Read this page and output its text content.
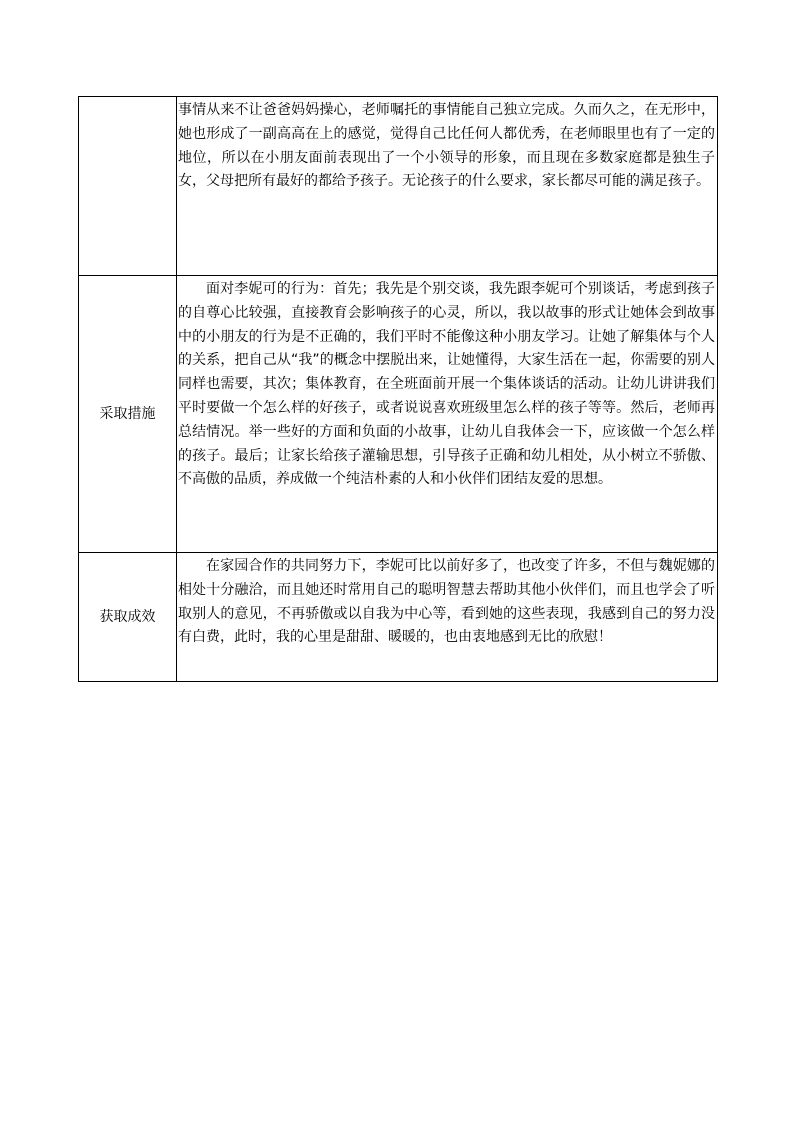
	事情从来不让爸爸妈妈操心，老师嘱托的事情能自己独立完成。久而久之，在无形中，她也形成了一副高高在上的感觉，觉得自己比任何人都优秀，在老师眼里也有了一定的地位，所以在小朋友面前表现出了一个小领导的形象，而且现在多数家庭都是独生子女，父母把所有最好的都给予孩子。无论孩子的什么要求，家长都尽可能的满足孩子。

采取措施	面对李妮可的行为：首先；我先是个别交谈，我先跟李妮可个别谈话，考虑到孩子的自尊心比较强，直接教育会影响孩子的心灵，所以，我以故事的形式让她体会到故事中的小朋友的行为是不正确的，我们平时不能像这种小朋友学习。让她了解集体与个人的关系，把自己从“我”的概念中摆脱出来，让她懂得，大家生活在一起，你需要的别人同样也需要，其次；集体教育，在全班面前开展一个集体谈话的活动。让幼儿讲讲我们平时要做一个怎么样的好孩子，或者说说喜欢班级里怎么样的孩子等等。然后，老师再总结情况。举一些好的方面和负面的小故事，让幼儿自我体会一下，应该做一个怎么样的孩子。最后；让家长给孩子灌输思想，引导孩子正确和幼儿相处，从小树立不骄傲、不高傲的品质，养成做一个纯洁朴素的人和小伙伴们团结友爱的思想。

获取成效	在家园合作的共同努力下，李妮可比以前好多了，也改变了许多，不但与魏妮娜的相处十分融洽，而且她还时常用自己的聪明智慧去帮助其他小伙伴们，而且也学会了听取别人的意见，不再骄傲或以自我为中心等，看到她的这些表现，我感到自己的努力没有白费，此时，我的心里是甜甜、暖暖的，也由衷地感到无比的欣慰！
